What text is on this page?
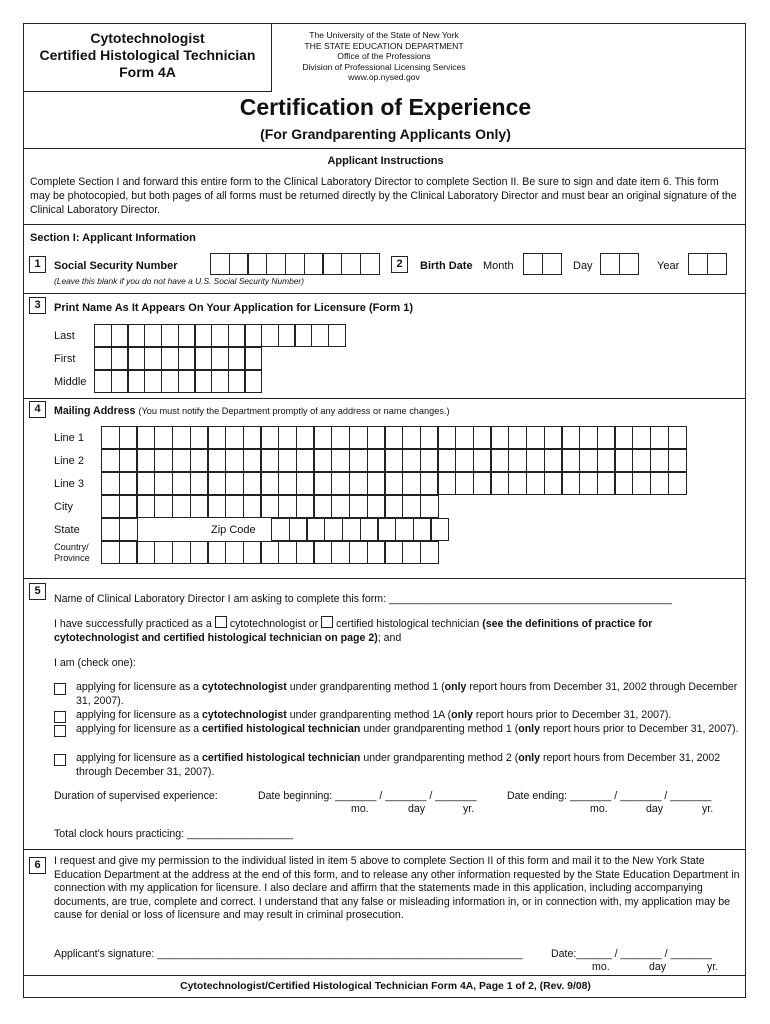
Cytotechnologist
Certified Histological Technician
Form 4A
The University of the State of New York
THE STATE EDUCATION DEPARTMENT
Office of the Professions
Division of Professional Licensing Services
www.op.nysed.gov
Certification of Experience
(For Grandparenting Applicants Only)
Applicant Instructions
Complete Section I and forward this entire form to the Clinical Laboratory Director to complete Section II. Be sure to sign and date item 6. This form may be photocopied, but both pages of all forms must be returned directly by the Clinical Laboratory Director and must bear an original signature of the Clinical Laboratory Director.
Section I: Applicant Information
1	Social Security Number
(Leave this blank if you do not have a U.S. Social Security Number)
2	Birth Date Month	Day	Year
3	Print Name As It Appears On Your Application for Licensure (Form 1)
Last
First
Middle
4	Mailing Address (You must notify the Department promptly of any address or name changes.)
Line 1
Line 2
Line 3
City
State	Zip Code
Country/
Province
5
Name of Clinical Laboratory Director I am asking to complete this form: ________________________________________________
I have successfully practiced as a cytotechnologist or certified histological technician (see the definitions of practice for
cytotechnologist and certified histological technician on page 2); and
I am (check one):
applying for licensure as a cytotechnologist under grandparenting method 1 (only report hours from December 31, 2002 through December 31, 2007).
applying for licensure as a cytotechnologist under grandparenting method 1A (only report hours prior to December 31, 2007).
applying for licensure as a certified histological technician under grandparenting method 1 (only report hours prior to December 31, 2007).
applying for licensure as a certified histological technician under grandparenting method 2 (only report hours from December 31, 2002 through December 31, 2007).
Duration of supervised experience:	Date beginning: _______ / _______ / _______
mo.	day	yr.
Date ending: _______ / _______ / _______
mo.	day	yr.
Total clock hours practicing: __________________
6	I request and give my permission to the individual listed in item 5 above to complete Section II of this form and mail it to the New York State Education Department at the address at the end of this form, and to release any other information requested by the State Education Department in connection with my application for licensure. I also declare and affirm that the statements made in this application, including accompanying documents, are true, complete and correct. I understand that any false or misleading information in, or in connection with, my application may be cause for denial or loss of licensure and may result in criminal prosecution.
Applicant's signature: ______________________________________________________________	Date:______ / _______ / _______
mo.	day	yr.
Cytotechnologist/Certified Histological Technician Form 4A, Page 1 of 2, (Rev. 9/08)
